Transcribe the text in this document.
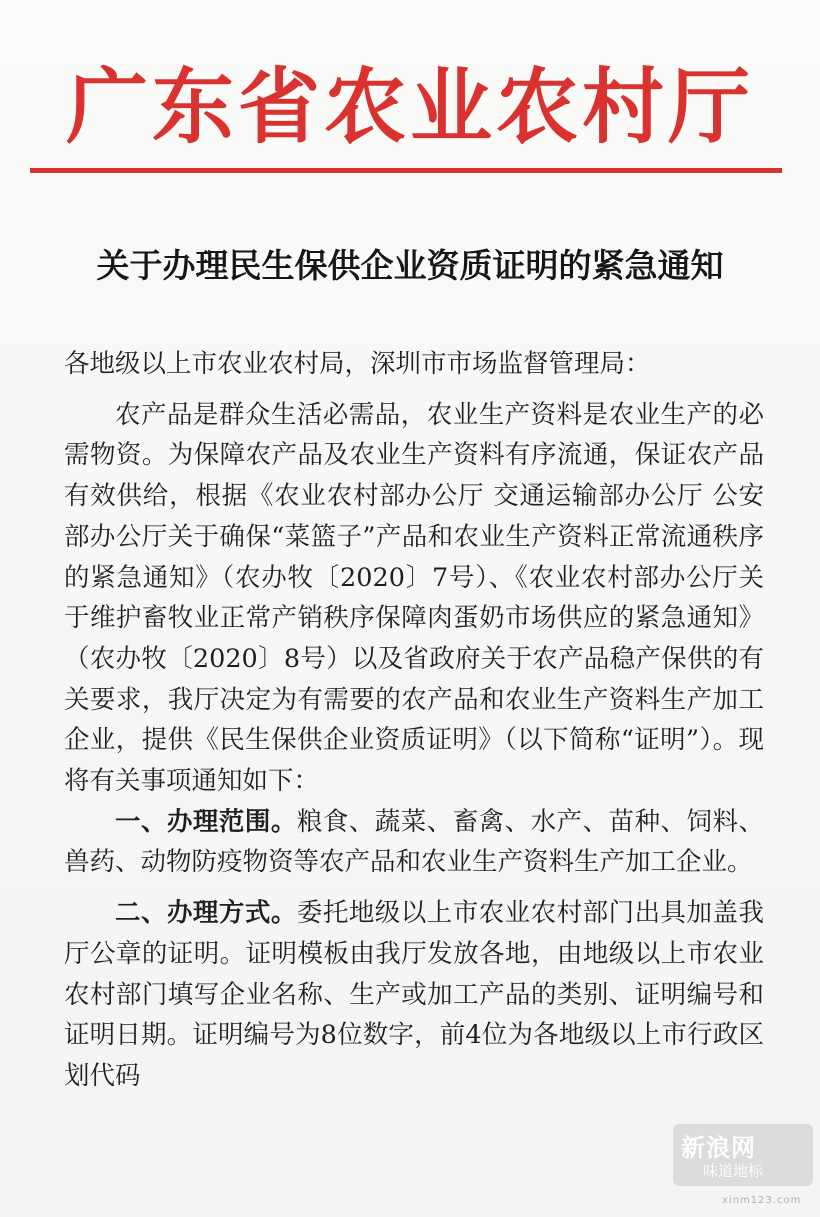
广东省农业农村厅
关于办理民生保供企业资质证明的紧急通知

各地级以上市农业农村局，深圳市市场监督管理局：

农产品是群众生活必需品，农业生产资料是农业生产的必需物资。为保障农产品及农业生产资料有序流通，保证农产品有效供给，根据《农业农村部办公厅 交通运输部办公厅 公安部办公厅关于确保“菜篮子”产品和农业生产资料正常流通秩序的紧急通知》（农办牧〔2020〕7号）、《农业农村部办公厅关于维护畜牧业正常产销秩序保障肉蛋奶市场供应的紧急通知》（农办牧〔2020〕8号）以及省政府关于农产品稳产保供的有关要求，我厅决定为有需要的农产品和农业生产资料生产加工企业，提供《民生保供企业资质证明》（以下简称“证明”）。现将有关事项通知如下：

一、办理范围。粮食、蔬菜、畜禽、水产、苗种、饲料、兽药、动物防疫物资等农产品和农业生产资料生产加工企业。

二、办理方式。委托地级以上市农业农村部门出具加盖我厅公章的证明。证明模板由我厅发放各地，由地级以上市农业农村部门填写企业名称、生产或加工产品的类别、证明编号和证明日期。证明编号为8位数字，前4位为各地级以上市行政区划代码

新浪网
味道地标
xinm123.com
